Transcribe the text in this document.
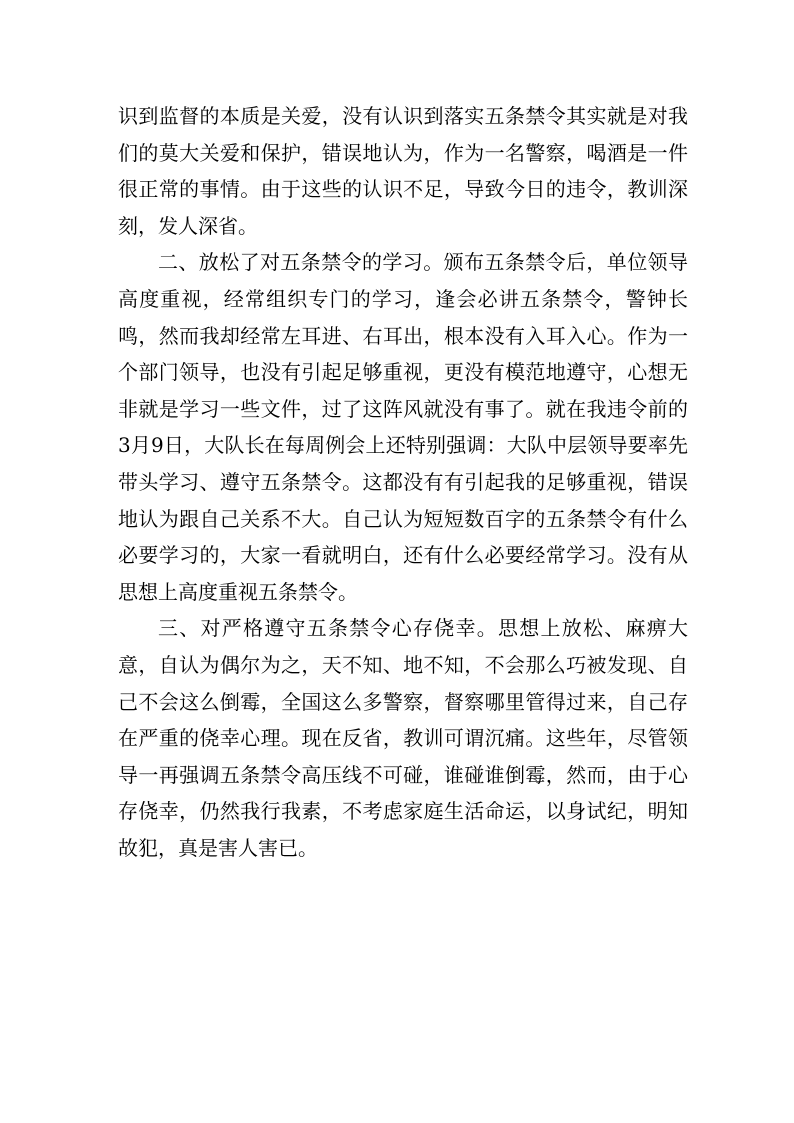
识到监督的本质是关爱，没有认识到落实五条禁令其实就是对我们的莫大关爱和保护，错误地认为，作为一名警察，喝酒是一件很正常的事情。由于这些的认识不足，导致今日的违令，教训深刻，发人深省。

二、放松了对五条禁令的学习。颁布五条禁令后，单位领导高度重视，经常组织专门的学习，逢会必讲五条禁令，警钟长鸣，然而我却经常左耳进、右耳出，根本没有入耳入心。作为一个部门领导，也没有引起足够重视，更没有模范地遵守，心想无非就是学习一些文件，过了这阵风就没有事了。就在我违令前的3月9日，大队长在每周例会上还特别强调：大队中层领导要率先带头学习、遵守五条禁令。这都没有有引起我的足够重视，错误地认为跟自己关系不大。自己认为短短数百字的五条禁令有什么必要学习的，大家一看就明白，还有什么必要经常学习。没有从思想上高度重视五条禁令。

三、对严格遵守五条禁令心存侥幸。思想上放松、麻痹大意，自认为偶尔为之，天不知、地不知，不会那么巧被发现、自己不会这么倒霉，全国这么多警察，督察哪里管得过来，自己存在严重的侥幸心理。现在反省，教训可谓沉痛。这些年，尽管领导一再强调五条禁令高压线不可碰，谁碰谁倒霉，然而，由于心存侥幸，仍然我行我素，不考虑家庭生活命运，以身试纪，明知故犯，真是害人害已。
